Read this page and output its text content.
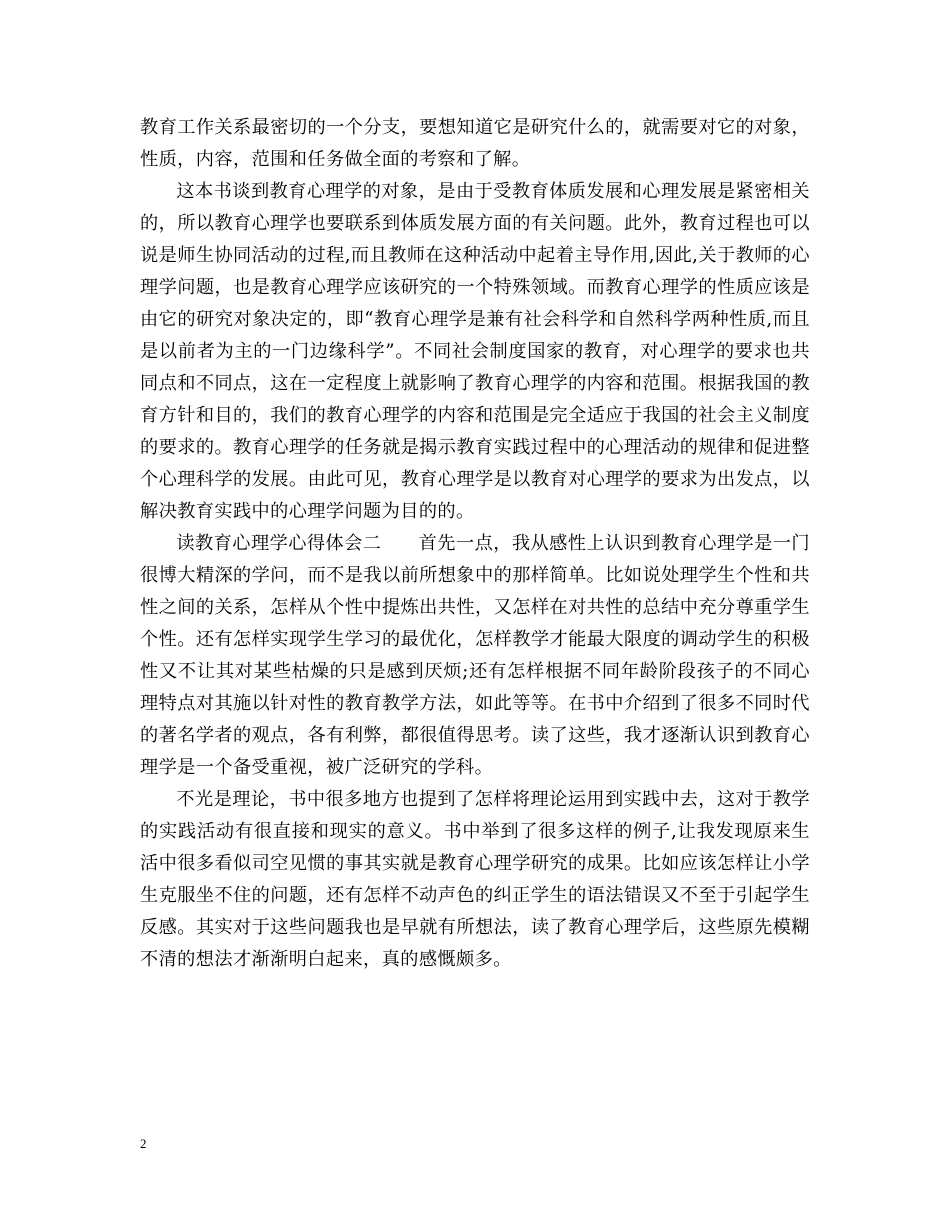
教育工作关系最密切的一个分支，要想知道它是研究什么的，就需要对它的对象，性质，内容，范围和任务做全面的考察和了解。

这本书谈到教育心理学的对象，是由于受教育体质发展和心理发展是紧密相关的，所以教育心理学也要联系到体质发展方面的有关问题。此外，教育过程也可以说是师生协同活动的过程,而且教师在这种活动中起着主导作用,因此,关于教师的心理学问题，也是教育心理学应该研究的一个特殊领域。而教育心理学的性质应该是由它的研究对象决定的，即“教育心理学是兼有社会科学和自然科学两种性质,而且是以前者为主的一门边缘科学”。不同社会制度国家的教育，对心理学的要求也共同点和不同点，这在一定程度上就影响了教育心理学的内容和范围。根据我国的教育方针和目的，我们的教育心理学的内容和范围是完全适应于我国的社会主义制度的要求的。教育心理学的任务就是揭示教育实践过程中的心理活动的规律和促进整个心理科学的发展。由此可见，教育心理学是以教育对心理学的要求为出发点，以解决教育实践中的心理学问题为目的的。

读教育心理学心得体会二　　首先一点，我从感性上认识到教育心理学是一门很博大精深的学问，而不是我以前所想象中的那样简单。比如说处理学生个性和共性之间的关系，怎样从个性中提炼出共性，又怎样在对共性的总结中充分尊重学生个性。还有怎样实现学生学习的最优化，怎样教学才能最大限度的调动学生的积极性又不让其对某些枯燥的只是感到厌烦;还有怎样根据不同年龄阶段孩子的不同心理特点对其施以针对性的教育教学方法，如此等等。在书中介绍到了很多不同时代的著名学者的观点，各有利弊，都很值得思考。读了这些，我才逐渐认识到教育心理学是一个备受重视，被广泛研究的学科。

不光是理论，书中很多地方也提到了怎样将理论运用到实践中去，这对于教学的实践活动有很直接和现实的意义。书中举到了很多这样的例子,让我发现原来生活中很多看似司空见惯的事其实就是教育心理学研究的成果。比如应该怎样让小学生克服坐不住的问题，还有怎样不动声色的纠正学生的语法错误又不至于引起学生反感。其实对于这些问题我也是早就有所想法，读了教育心理学后，这些原先模糊不清的想法才渐渐明白起来，真的感慨颇多。

2
